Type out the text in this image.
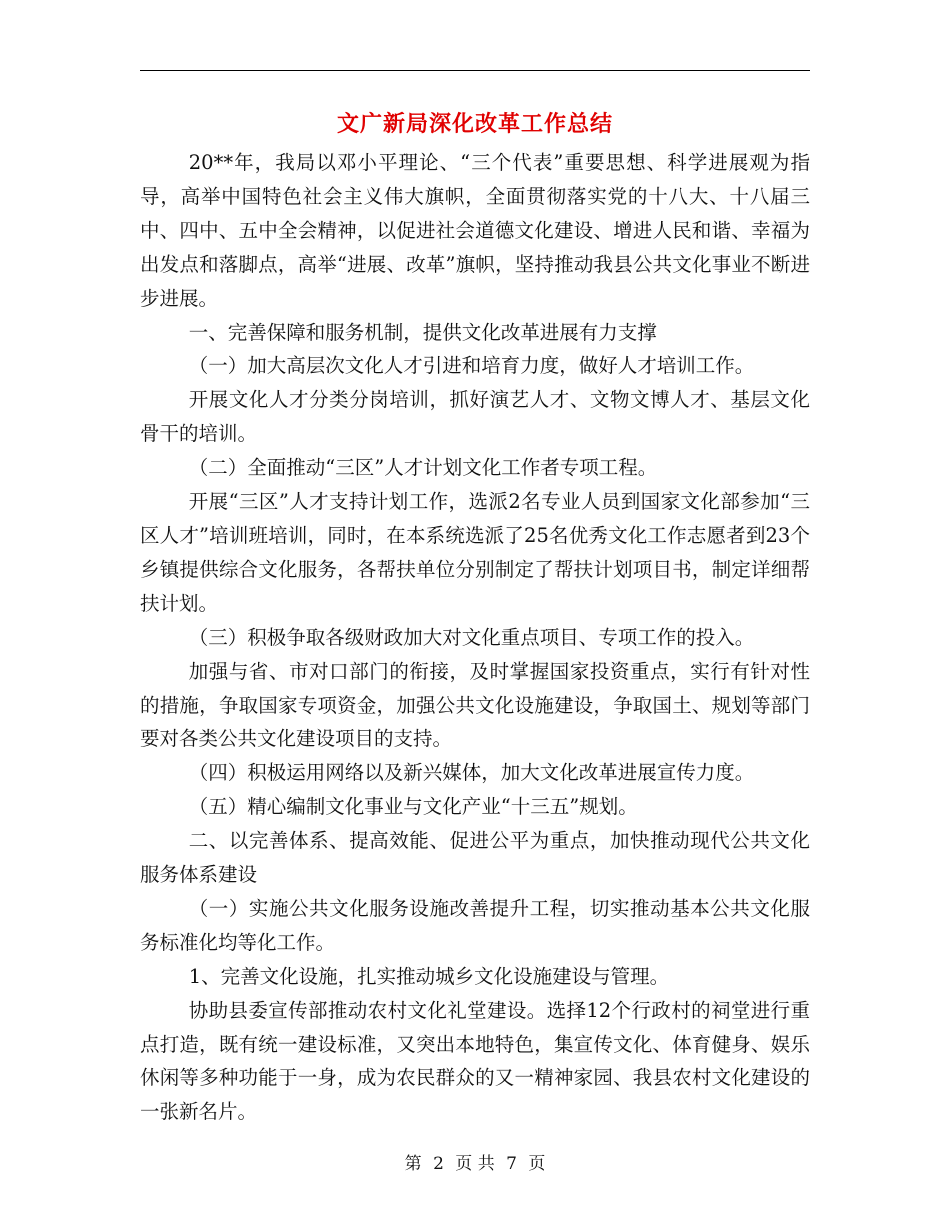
文广新局深化改革工作总结

20**年，我局以邓小平理论、“三个代表”重要思想、科学进展观为指导，高举中国特色社会主义伟大旗帜，全面贯彻落实党的十八大、十八届三中、四中、五中全会精神，以促进社会道德文化建设、增进人民和谐、幸福为出发点和落脚点，高举“进展、改革”旗帜，坚持推动我县公共文化事业不断进步进展。

一、完善保障和服务机制，提供文化改革进展有力支撑

（一）加大高层次文化人才引进和培育力度，做好人才培训工作。

开展文化人才分类分岗培训，抓好演艺人才、文物文博人才、基层文化骨干的培训。

（二）全面推动“三区”人才计划文化工作者专项工程。

开展“三区”人才支持计划工作，选派2名专业人员到国家文化部参加“三区人才”培训班培训，同时，在本系统选派了25名优秀文化工作志愿者到23个乡镇提供综合文化服务，各帮扶单位分别制定了帮扶计划项目书，制定详细帮扶计划。

（三）积极争取各级财政加大对文化重点项目、专项工作的投入。

加强与省、市对口部门的衔接，及时掌握国家投资重点，实行有针对性的措施，争取国家专项资金，加强公共文化设施建设，争取国土、规划等部门要对各类公共文化建设项目的支持。

（四）积极运用网络以及新兴媒体，加大文化改革进展宣传力度。

（五）精心编制文化事业与文化产业“十三五”规划。

二、以完善体系、提高效能、促进公平为重点，加快推动现代公共文化服务体系建设

（一）实施公共文化服务设施改善提升工程，切实推动基本公共文化服务标准化均等化工作。

1、完善文化设施，扎实推动城乡文化设施建设与管理。

协助县委宣传部推动农村文化礼堂建设。选择12个行政村的祠堂进行重点打造，既有统一建设标准，又突出本地特色，集宣传文化、体育健身、娱乐休闲等多种功能于一身，成为农民群众的又一精神家园、我县农村文化建设的一张新名片。

第 2 页 共 7 页
